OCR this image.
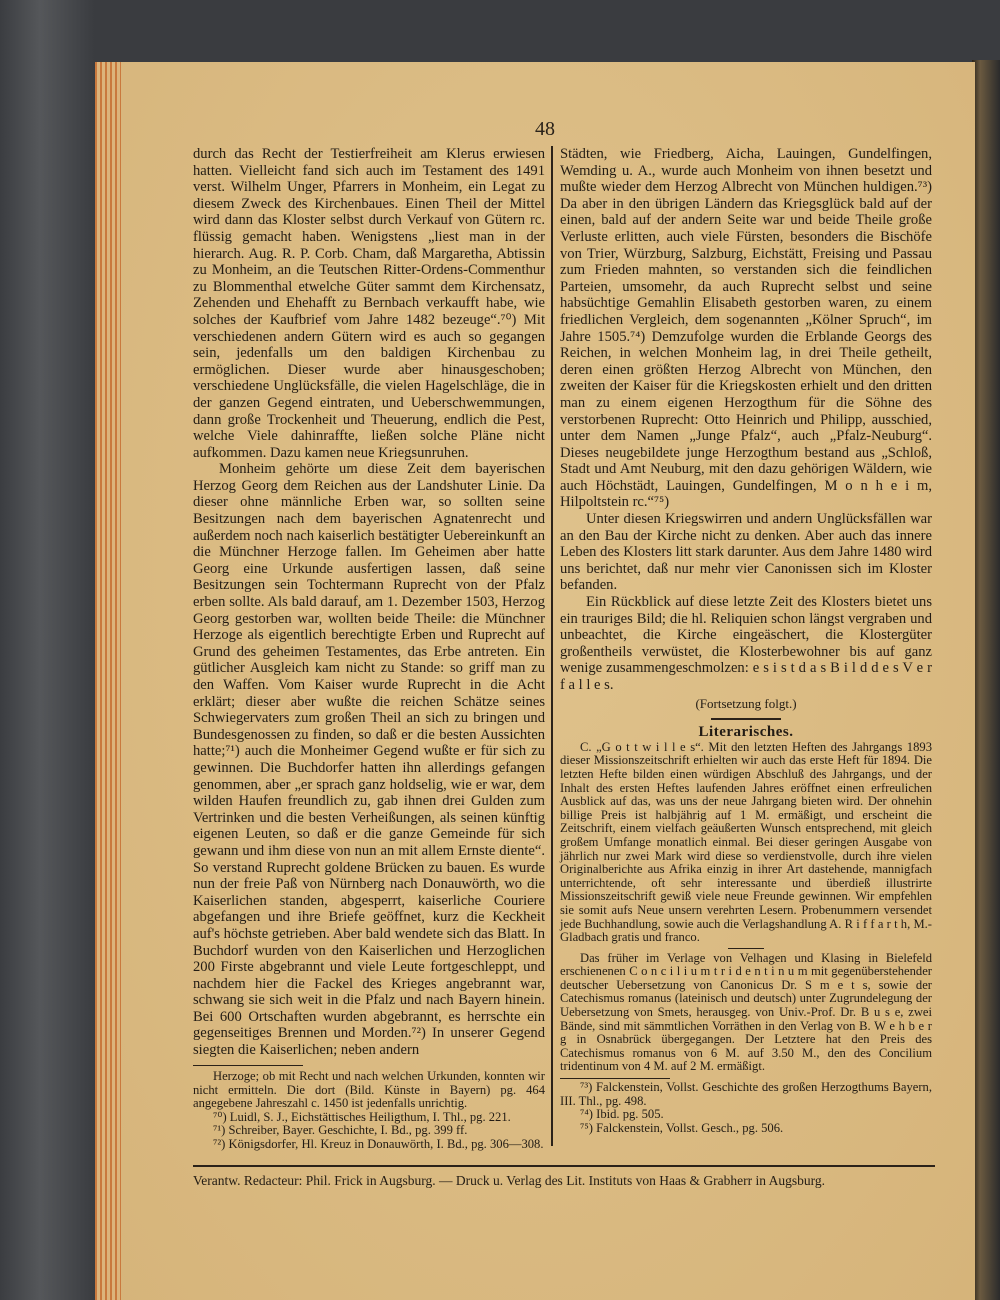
48

durch das Recht der Testierfreiheit am Klerus erwiesen hatten. Vielleicht fand sich auch im Testament des 1491 verst. Wilhelm Unger, Pfarrers in Monheim, ein Legat zu diesem Zweck des Kirchenbaues. Einen Theil der Mittel wird dann das Kloster selbst durch Verkauf von Gütern rc. flüssig gemacht haben. Wenigstens „liest man in der hierarch. Aug. R. P. Corb. Cham, daß Margaretha, Abtissin zu Monheim, an die Teutschen Ritter-Ordens-Commenthur zu Blommenthal etwelche Güter sammt dem Kirchensatz, Zehenden und Ehehafft zu Bernbach verkaufft habe, wie solches der Kaufbrief vom Jahre 1482 bezeuge“.⁷⁰) Mit verschiedenen andern Gütern wird es auch so gegangen sein, jedenfalls um den baldigen Kirchenbau zu ermöglichen. Dieser wurde aber hinausgeschoben; verschiedene Unglücksfälle, die vielen Hagelschläge, die in der ganzen Gegend eintraten, und Ueberschwemmungen, dann große Trockenheit und Theuerung, endlich die Pest, welche Viele dahinraffte, ließen solche Pläne nicht aufkommen. Dazu kamen neue Kriegsunruhen.

Monheim gehörte um diese Zeit dem bayerischen Herzog Georg dem Reichen aus der Landshuter Linie. Da dieser ohne männliche Erben war, so sollten seine Besitzungen nach dem bayerischen Agnatenrecht und außerdem noch nach kaiserlich bestätigter Uebereinkunft an die Münchner Herzoge fallen. Im Geheimen aber hatte Georg eine Urkunde ausfertigen lassen, daß seine Besitzungen sein Tochtermann Ruprecht von der Pfalz erben sollte. Als bald darauf, am 1. Dezember 1503, Herzog Georg gestorben war, wollten beide Theile: die Münchner Herzoge als eigentlich berechtigte Erben und Ruprecht auf Grund des geheimen Testamentes, das Erbe antreten. Ein gütlicher Ausgleich kam nicht zu Stande: so griff man zu den Waffen. Vom Kaiser wurde Ruprecht in die Acht erklärt; dieser aber wußte die reichen Schätze seines Schwiegervaters zum großen Theil an sich zu bringen und Bundesgenossen zu finden, so daß er die besten Aussichten hatte;⁷¹) auch die Monheimer Gegend wußte er für sich zu gewinnen. Die Buchdorfer hatten ihn allerdings gefangen genommen, aber „er sprach ganz holdselig, wie er war, dem wilden Haufen freundlich zu, gab ihnen drei Gulden zum Vertrinken und die besten Verheißungen, als seinen künftig eigenen Leuten, so daß er die ganze Gemeinde für sich gewann und ihm diese von nun an mit allem Ernste diente“. So verstand Ruprecht goldene Brücken zu bauen. Es wurde nun der freie Paß von Nürnberg nach Donauwörth, wo die Kaiserlichen standen, abgesperrt, kaiserliche Couriere abgefangen und ihre Briefe geöffnet, kurz die Keckheit auf's höchste getrieben. Aber bald wendete sich das Blatt. In Buchdorf wurden von den Kaiserlichen und Herzoglichen 200 Firste abgebrannt und viele Leute fortgeschleppt, und nachdem hier die Fackel des Krieges angebrannt war, schwang sie sich weit in die Pfalz und nach Bayern hinein. Bei 600 Ortschaften wurden abgebrannt, es herrschte ein gegenseitiges Brennen und Morden.⁷²) In unserer Gegend siegten die Kaiserlichen; neben andern

Herzoge; ob mit Recht und nach welchen Urkunden, konnten wir nicht ermitteln. Die dort (Bild. Künste in Bayern) pg. 464 angegebene Jahreszahl c. 1450 ist jedenfalls unrichtig.

⁷⁰) Luidl, S. J., Eichstättisches Heiligthum, I. Thl., pg. 221.

⁷¹) Schreiber, Bayer. Geschichte, I. Bd., pg. 399 ff.

⁷²) Königsdorfer, Hl. Kreuz in Donauwörth, I. Bd., pg. 306—308.

Städten, wie Friedberg, Aicha, Lauingen, Gundelfingen, Wemding u. A., wurde auch Monheim von ihnen besetzt und mußte wieder dem Herzog Albrecht von München huldigen.⁷³) Da aber in den übrigen Ländern das Kriegsglück bald auf der einen, bald auf der andern Seite war und beide Theile große Verluste erlitten, auch viele Fürsten, besonders die Bischöfe von Trier, Würzburg, Salzburg, Eichstätt, Freising und Passau zum Frieden mahnten, so verstanden sich die feindlichen Parteien, umsomehr, da auch Ruprecht selbst und seine habsüchtige Gemahlin Elisabeth gestorben waren, zu einem friedlichen Vergleich, dem sogenannten „Kölner Spruch“, im Jahre 1505.⁷⁴) Demzufolge wurden die Erblande Georgs des Reichen, in welchen Monheim lag, in drei Theile getheilt, deren einen größten Herzog Albrecht von München, den zweiten der Kaiser für die Kriegskosten erhielt und den dritten man zu einem eigenen Herzogthum für die Söhne des verstorbenen Ruprecht: Otto Heinrich und Philipp, ausschied, unter dem Namen „Junge Pfalz“, auch „Pfalz-Neuburg“. Dieses neugebildete junge Herzogthum bestand aus „Schloß, Stadt und Amt Neuburg, mit den dazu gehörigen Wäldern, wie auch Höchstädt, Lauingen, Gundelfingen, M o n h e i m, Hilpoltstein rc.“⁷⁵)

Unter diesen Kriegswirren und andern Unglücksfällen war an den Bau der Kirche nicht zu denken. Aber auch das innere Leben des Klosters litt stark darunter. Aus dem Jahre 1480 wird uns berichtet, daß nur mehr vier Canonissen sich im Kloster befanden.

Ein Rückblick auf diese letzte Zeit des Klosters bietet uns ein trauriges Bild; die hl. Reliquien schon längst vergraben und unbeachtet, die Kirche eingeäschert, die Klostergüter großentheils verwüstet, die Klosterbewohner bis auf ganz wenige zusammengeschmolzen: e s i s t d a s B i l d d e s V e r f a l l e s.

(Fortsetzung folgt.)
Literarisches.

C. „G o t t w i l l e s“. Mit den letzten Heften des Jahrgangs 1893 dieser Missionszeitschrift erhielten wir auch das erste Heft für 1894. Die letzten Hefte bilden einen würdigen Abschluß des Jahrgangs, und der Inhalt des ersten Heftes laufenden Jahres eröffnet einen erfreulichen Ausblick auf das, was uns der neue Jahrgang bieten wird. Der ohnehin billige Preis ist halbjährig auf 1 M. ermäßigt, und erscheint die Zeitschrift, einem vielfach geäußerten Wunsch entsprechend, mit gleich großem Umfange monatlich einmal. Bei dieser geringen Ausgabe von jährlich nur zwei Mark wird diese so verdienstvolle, durch ihre vielen Originalberichte aus Afrika einzig in ihrer Art dastehende, mannigfach unterrichtende, oft sehr interessante und überdieß illustrirte Missionszeitschrift gewiß viele neue Freunde gewinnen. Wir empfehlen sie somit aufs Neue unsern verehrten Lesern. Probenummern versendet jede Buchhandlung, sowie auch die Verlagshandlung A. R i f f a r t h, M.-Gladbach gratis und franco.

Das früher im Verlage von Velhagen und Klasing in Bielefeld erschienenen C o n c i l i u m t r i d e n t i n u m mit gegenüberstehender deutscher Uebersetzung von Canonicus Dr. S m e t s, sowie der Catechismus romanus (lateinisch und deutsch) unter Zugrundelegung der Uebersetzung von Smets, herausgeg. von Univ.-Prof. Dr. B u s e, zwei Bände, sind mit sämmtlichen Vorräthen in den Verlag von B. W e h b e r g in Osnabrück übergegangen. Der Letztere hat den Preis des Catechismus romanus von 6 M. auf 3.50 M., den des Concilium tridentinum von 4 M. auf 2 M. ermäßigt.

⁷³) Falckenstein, Vollst. Geschichte des großen Herzogthums Bayern, III. Thl., pg. 498.

⁷⁴) Ibid. pg. 505.

⁷⁵) Falckenstein, Vollst. Gesch., pg. 506.

Verantw. Redacteur: Phil. Frick in Augsburg. — Druck u. Verlag des Lit. Instituts von Haas & Grabherr in Augsburg.
